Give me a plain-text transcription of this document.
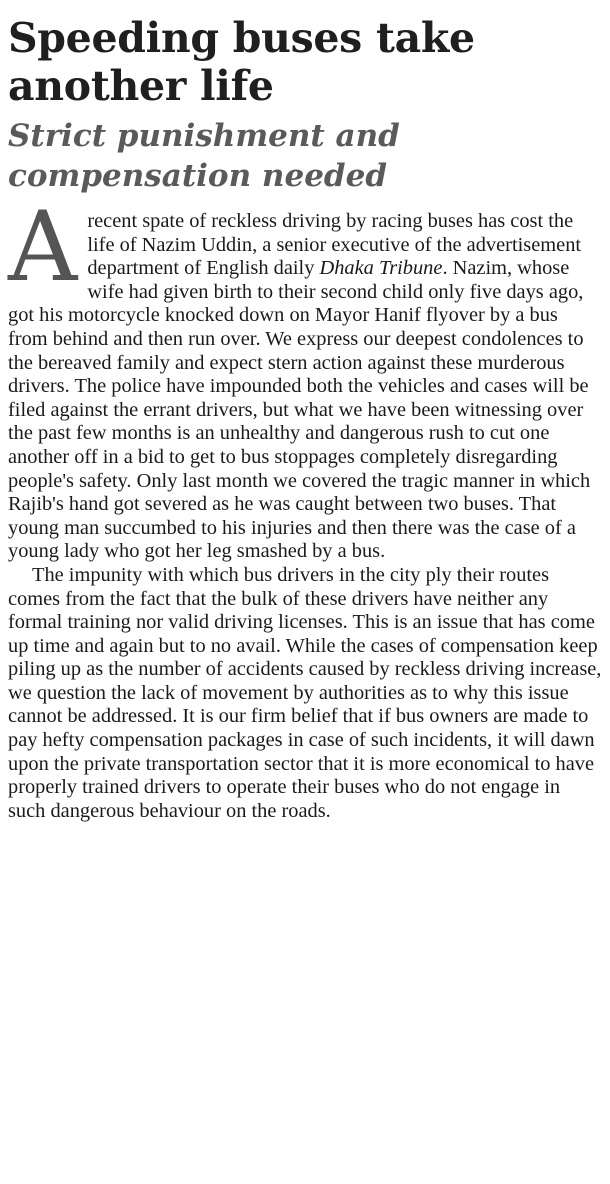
Speeding buses take another life
Strict punishment and compensation needed

A recent spate of reckless driving by racing buses has cost the life of Nazim Uddin, a senior executive of the advertisement department of English daily Dhaka Tribune. Nazim, whose wife had given birth to their second child only five days ago, got his motorcycle knocked down on Mayor Hanif flyover by a bus from behind and then run over. We express our deepest condolences to the bereaved family and expect stern action against these murderous drivers. The police have impounded both the vehicles and cases will be filed against the errant drivers, but what we have been witnessing over the past few months is an unhealthy and dangerous rush to cut one another off in a bid to get to bus stoppages completely disregarding people's safety. Only last month we covered the tragic manner in which Rajib's hand got severed as he was caught between two buses. That young man succumbed to his injuries and then there was the case of a young lady who got her leg smashed by a bus.

The impunity with which bus drivers in the city ply their routes comes from the fact that the bulk of these drivers have neither any formal training nor valid driving licenses. This is an issue that has come up time and again but to no avail. While the cases of compensation keep piling up as the number of accidents caused by reckless driving increase, we question the lack of movement by authorities as to why this issue cannot be addressed. It is our firm belief that if bus owners are made to pay hefty compensation packages in case of such incidents, it will dawn upon the private transportation sector that it is more economical to have properly trained drivers to operate their buses who do not engage in such dangerous behaviour on the roads.
